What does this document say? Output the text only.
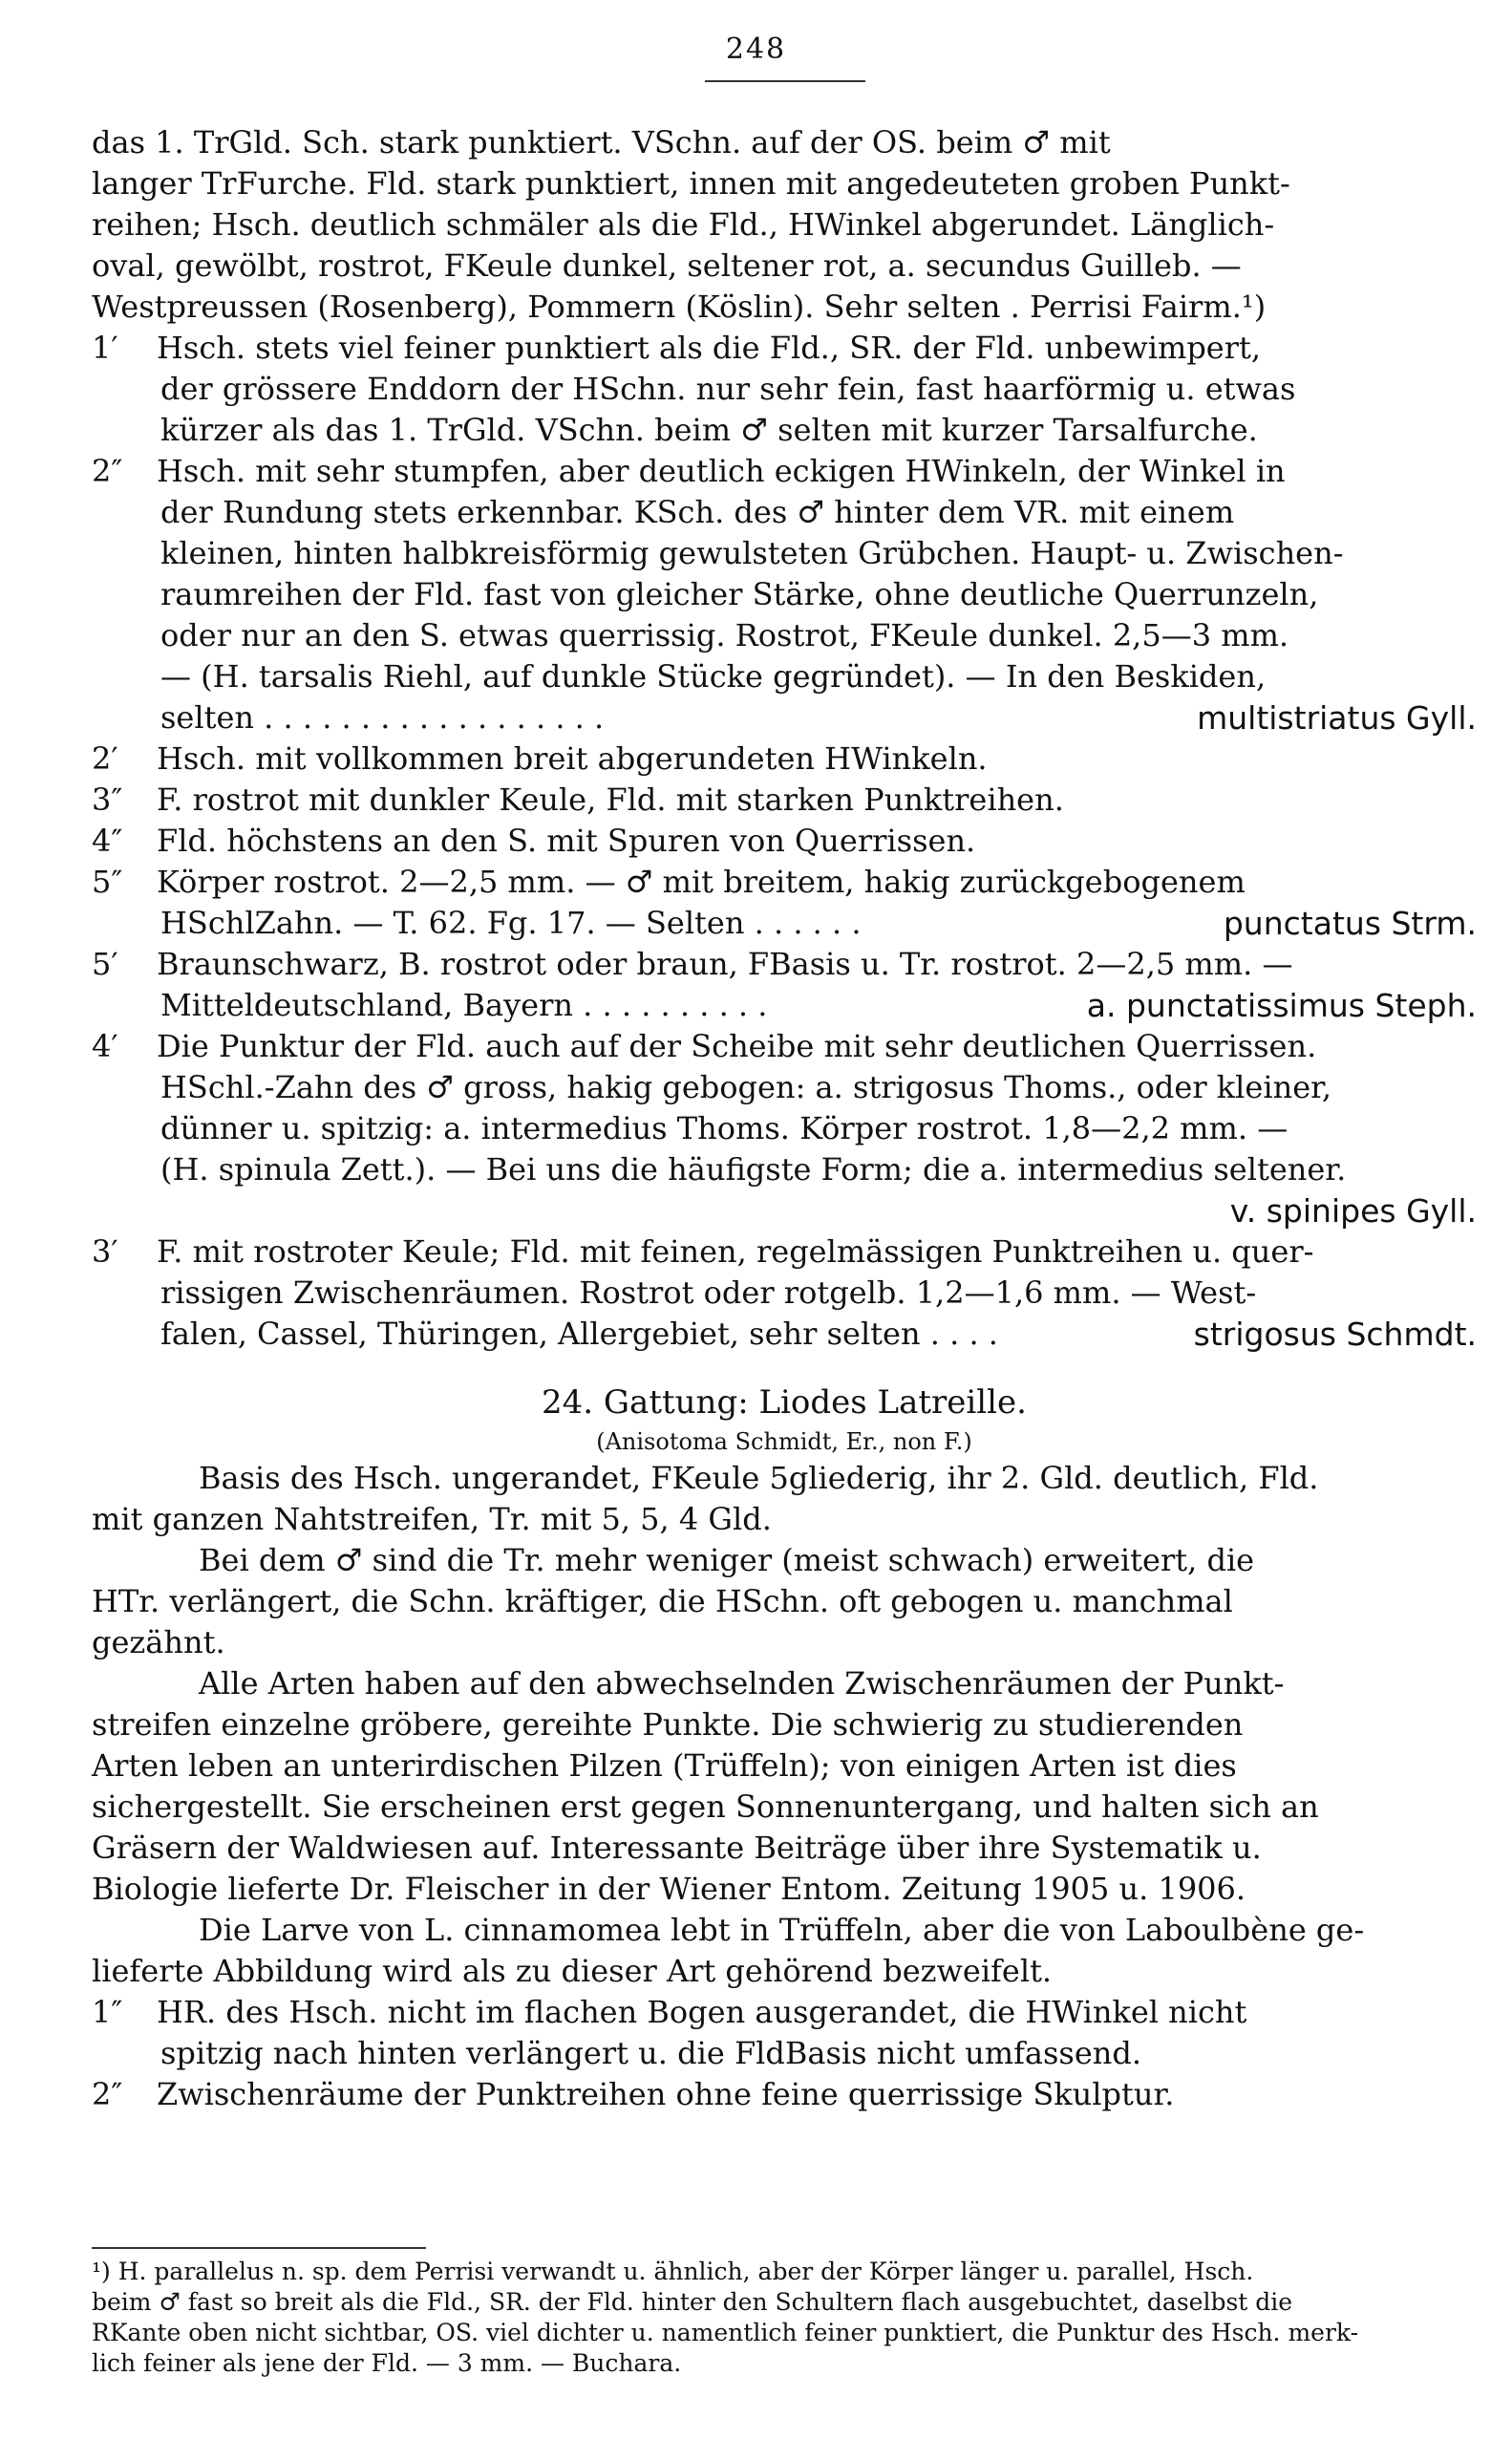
248
das 1. TrGld. Sch. stark punktiert. VSchn. auf der OS. beim ♂ mit
langer TrFurche. Fld. stark punktiert, innen mit angedeuteten groben Punkt-
reihen; Hsch. deutlich schmäler als die Fld., HWinkel abgerundet. Länglich-
oval, gewölbt, rostrot, FKeule dunkel, seltener rot, a. secundus Guilleb. —
Westpreussen (Rosenberg), Pommern (Köslin). Sehr selten . Perrisi Fairm.¹)
1′ Hsch. stets viel feiner punktiert als die Fld., SR. der Fld. unbewimpert,
der grössere Enddorn der HSchn. nur sehr fein, fast haarförmig u. etwas
kürzer als das 1. TrGld. VSchn. beim ♂ selten mit kurzer Tarsalfurche.
2″ Hsch. mit sehr stumpfen, aber deutlich eckigen HWinkeln, der Winkel in
der Rundung stets erkennbar. KSch. des ♂ hinter dem VR. mit einem
kleinen, hinten halbkreisförmig gewulsteten Grübchen. Haupt- u. Zwischen-
raumreihen der Fld. fast von gleicher Stärke, ohne deutliche Querrunzeln,
oder nur an den S. etwas querrissig. Rostrot, FKeule dunkel. 2,5—3 mm.
— (H. tarsalis Riehl, auf dunkle Stücke gegründet). — In den Beskiden,
selten . . . . . . . . . . . . . . . . . .	multistriatus Gyll.
2′ Hsch. mit vollkommen breit abgerundeten HWinkeln.
3″ F. rostrot mit dunkler Keule, Fld. mit starken Punktreihen.
4″ Fld. höchstens an den S. mit Spuren von Querrissen.
5″ Körper rostrot. 2—2,5 mm. — ♂ mit breitem, hakig zurückgebogenem
HSchlZahn. — T. 62. Fg. 17. — Selten . . . . . .	punctatus Strm.
5′ Braunschwarz, B. rostrot oder braun, FBasis u. Tr. rostrot. 2—2,5 mm. —
Mitteldeutschland, Bayern . . . . . . . . . .	a. punctatissimus Steph.
4′ Die Punktur der Fld. auch auf der Scheibe mit sehr deutlichen Querrissen.
HSchl.-Zahn des ♂ gross, hakig gebogen: a. strigosus Thoms., oder kleiner,
dünner u. spitzig: a. intermedius Thoms. Körper rostrot. 1,8—2,2 mm. —
(H. spinula Zett.). — Bei uns die häufigste Form; die a. intermedius seltener.
v. spinipes Gyll.
3′ F. mit rostroter Keule; Fld. mit feinen, regelmässigen Punktreihen u. quer-
rissigen Zwischenräumen. Rostrot oder rotgelb. 1,2—1,6 mm. — West-
falen, Cassel, Thüringen, Allergebiet, sehr selten . . . .	strigosus Schmdt.
24. Gattung: Liodes Latreille.
(Anisotoma Schmidt, Er., non F.)
Basis des Hsch. ungerandet, FKeule 5gliederig, ihr 2. Gld. deutlich, Fld.
mit ganzen Nahtstreifen, Tr. mit 5, 5, 4 Gld.
Bei dem ♂ sind die Tr. mehr weniger (meist schwach) erweitert, die
HTr. verlängert, die Schn. kräftiger, die HSchn. oft gebogen u. manchmal
gezähnt.
Alle Arten haben auf den abwechselnden Zwischenräumen der Punkt-
streifen einzelne gröbere, gereihte Punkte. Die schwierig zu studierenden
Arten leben an unterirdischen Pilzen (Trüffeln); von einigen Arten ist dies
sichergestellt. Sie erscheinen erst gegen Sonnenuntergang, und halten sich an
Gräsern der Waldwiesen auf. Interessante Beiträge über ihre Systematik u.
Biologie lieferte Dr. Fleischer in der Wiener Entom. Zeitung 1905 u. 1906.
Die Larve von L. cinnamomea lebt in Trüffeln, aber die von Laboulbène ge-
lieferte Abbildung wird als zu dieser Art gehörend bezweifelt.
1″ HR. des Hsch. nicht im flachen Bogen ausgerandet, die HWinkel nicht
spitzig nach hinten verlängert u. die FldBasis nicht umfassend.
2″ Zwischenräume der Punktreihen ohne feine querrissige Skulptur.
¹) H. parallelus n. sp. dem Perrisi verwandt u. ähnlich, aber der Körper länger u. parallel, Hsch.
beim ♂ fast so breit als die Fld., SR. der Fld. hinter den Schultern flach ausgebuchtet, daselbst die
RKante oben nicht sichtbar, OS. viel dichter u. namentlich feiner punktiert, die Punktur des Hsch. merk-
lich feiner als jene der Fld. — 3 mm. — Buchara.
